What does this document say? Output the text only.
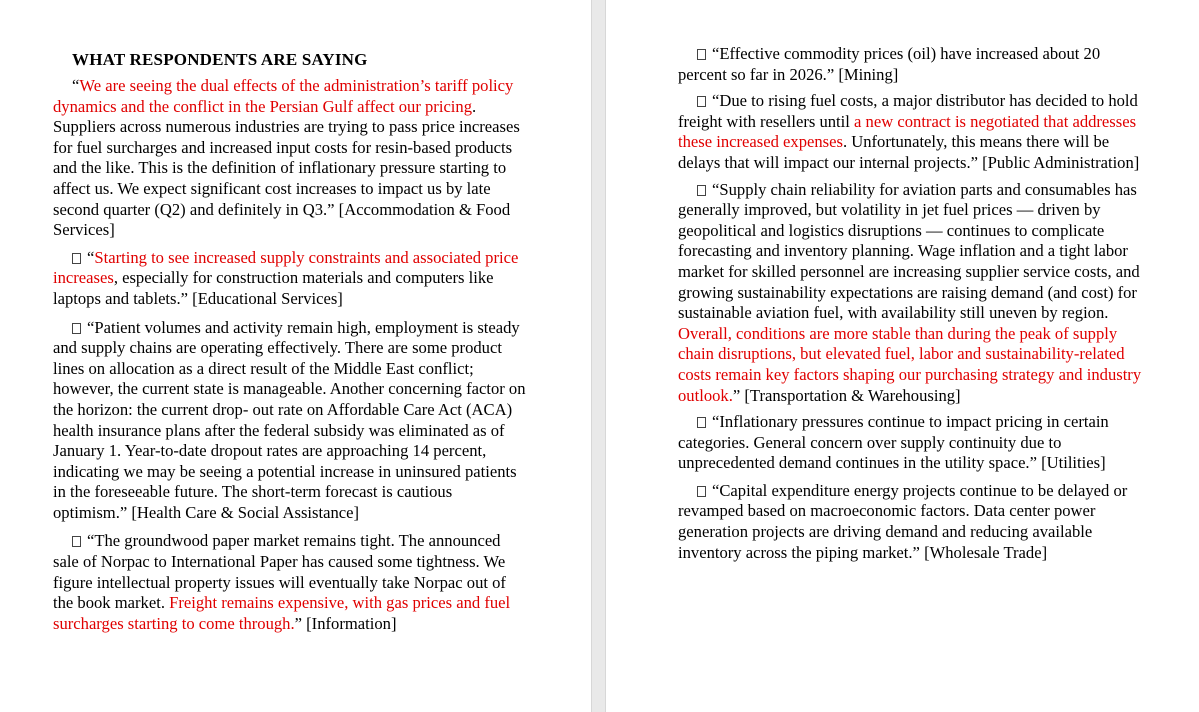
WHAT RESPONDENTS ARE SAYING

“We are seeing the dual effects of the administration’s tariff policy dynamics and the conflict in the Persian Gulf affect our pricing. Suppliers across numerous industries are trying to pass price increases for fuel surcharges and increased input costs for resin-based products and the like. This is the definition of inflationary pressure starting to affect us. We expect significant cost increases to impact us by late second quarter (Q2) and definitely in Q3.” [Accommodation & Food Services]

“Starting to see increased supply constraints and associated price increases, especially for construction materials and computers like laptops and tablets.” [Educational Services]

“Patient volumes and activity remain high, employment is steady and supply chains are operating effectively. There are some product lines on allocation as a direct result of the Middle East conflict; however, the current state is manageable. Another concerning factor on the horizon: the current drop- out rate on Affordable Care Act (ACA) health insurance plans after the federal subsidy was eliminated as of January 1. Year-to-date dropout rates are approaching 14 percent, indicating we may be seeing a potential increase in uninsured patients in the foreseeable future. The short-term forecast is cautious optimism.” [Health Care & Social Assistance]

“The groundwood paper market remains tight. The announced sale of Norpac to International Paper has caused some tightness. We figure intellectual property issues will eventually take Norpac out of the book market. Freight remains expensive, with gas prices and fuel surcharges starting to come through.” [Information]

“Effective commodity prices (oil) have increased about 20 percent so far in 2026.” [Mining]

“Due to rising fuel costs, a major distributor has decided to hold freight with resellers until a new contract is negotiated that addresses these increased expenses. Unfortunately, this means there will be delays that will impact our internal projects.” [Public Administration]

“Supply chain reliability for aviation parts and consumables has generally improved, but volatility in jet fuel prices — driven by geopolitical and logistics disruptions — continues to complicate forecasting and inventory planning. Wage inflation and a tight labor market for skilled personnel are increasing supplier service costs, and growing sustainability expectations are raising demand (and cost) for sustainable aviation fuel, with availability still uneven by region. Overall, conditions are more stable than during the peak of supply chain disruptions, but elevated fuel, labor and sustainability-related costs remain key factors shaping our purchasing strategy and industry outlook.” [Transportation & Warehousing]

“Inflationary pressures continue to impact pricing in certain categories. General concern over supply continuity due to unprecedented demand continues in the utility space.” [Utilities]

“Capital expenditure energy projects continue to be delayed or revamped based on macroeconomic factors. Data center power generation projects are driving demand and reducing available inventory across the piping market.” [Wholesale Trade]
